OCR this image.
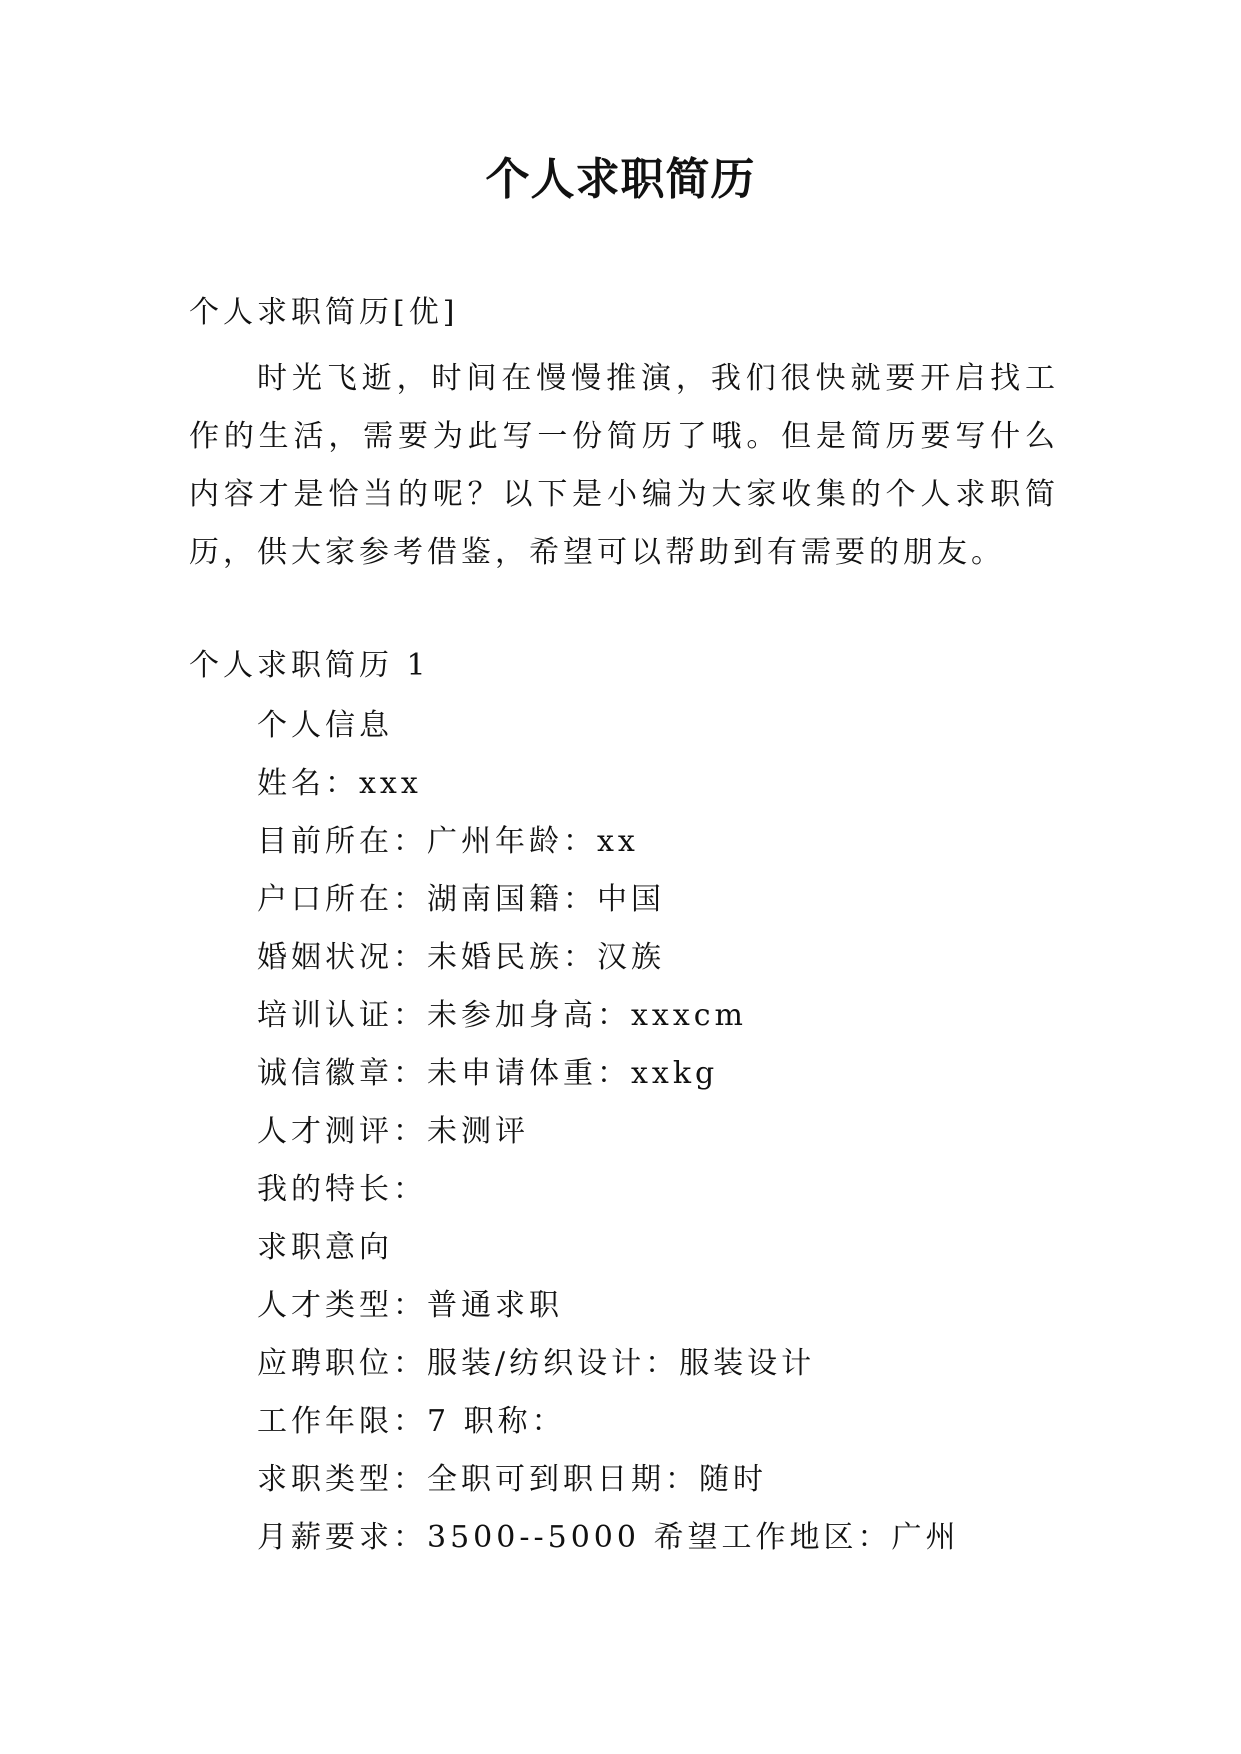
个人求职简历
个人求职简历[优]

时光飞逝，时间在慢慢推演，我们很快就要开启找工作的生活，需要为此写一份简历了哦。但是简历要写什么内容才是恰当的呢？以下是小编为大家收集的个人求职简历，供大家参考借鉴，希望可以帮助到有需要的朋友。

个人求职简历 1
个人信息
姓名：xxx
目前所在：广州年龄：xx
户口所在：湖南国籍：中国
婚姻状况：未婚民族：汉族
培训认证：未参加身高：xxxcm
诚信徽章：未申请体重：xxkg
人才测评：未测评
我的特长：
求职意向
人才类型：普通求职
应聘职位：服装/纺织设计：服装设计
工作年限：7 职称：
求职类型：全职可到职日期：随时
月薪要求：3500--5000 希望工作地区：广州
